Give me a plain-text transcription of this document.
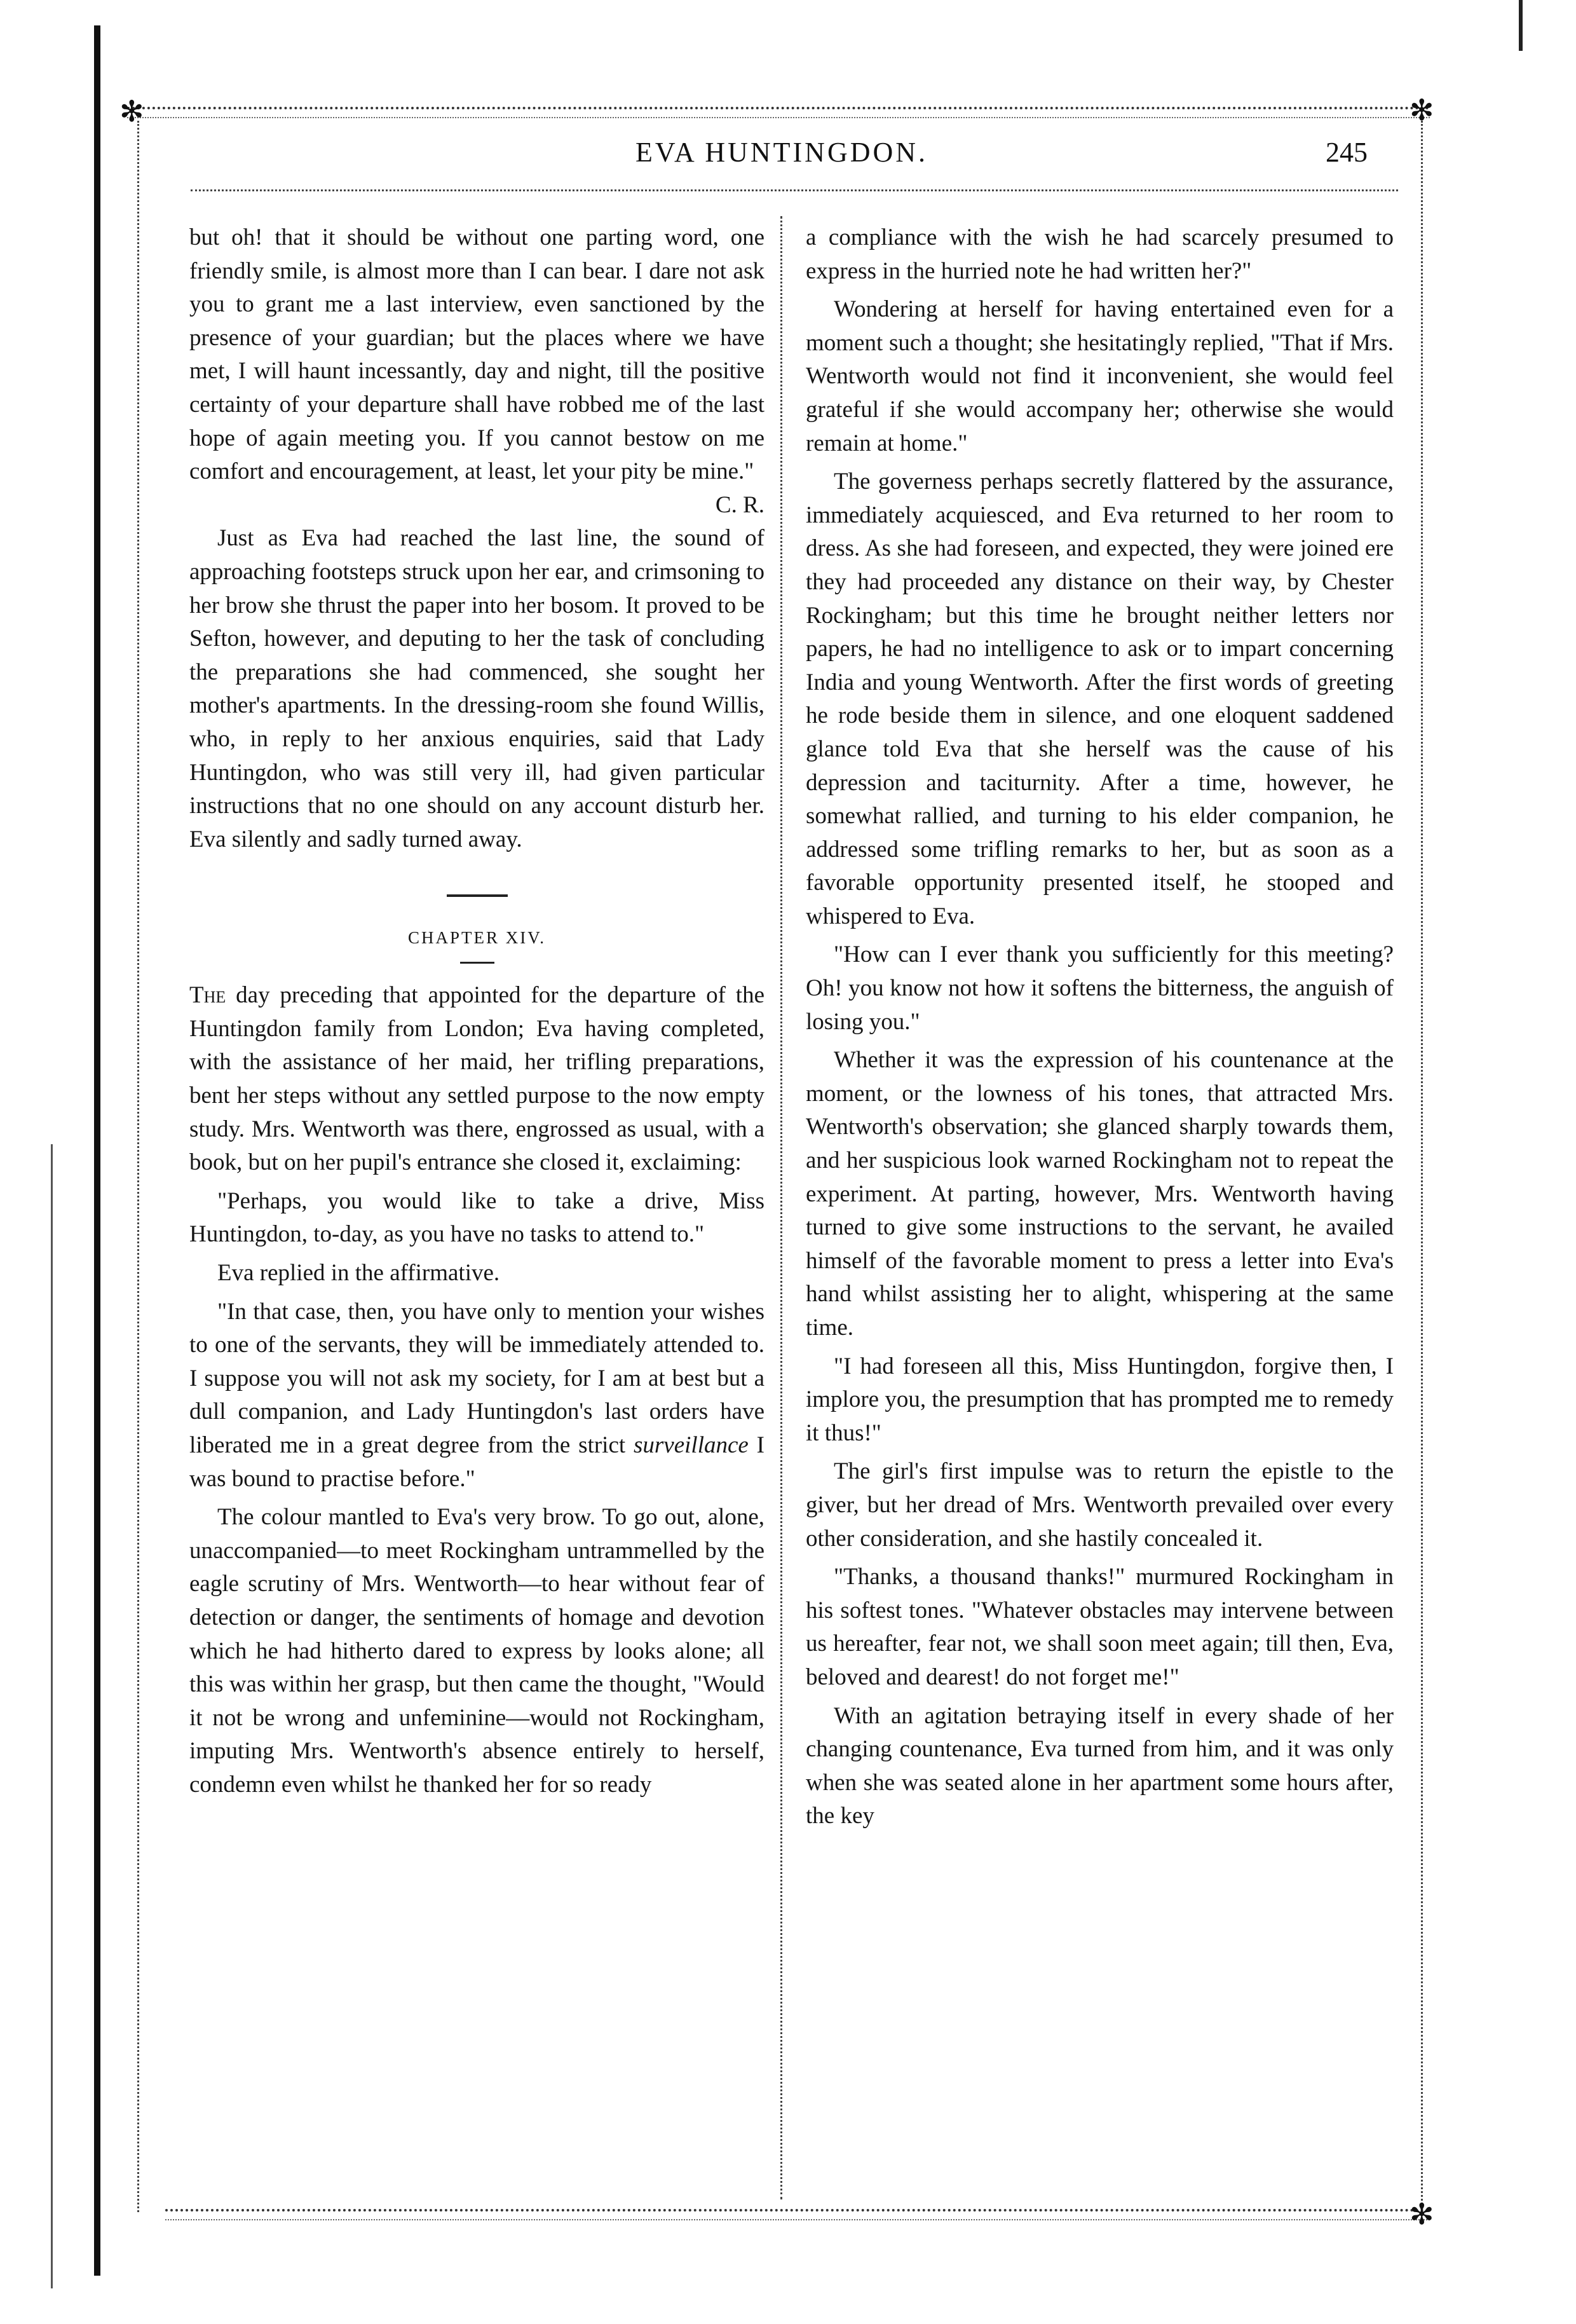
✻	✻
✻
EVA HUNTINGDON.	245

but oh! that it should be without one parting word, one friendly smile, is almost more than I can bear. I dare not ask you to grant me a last interview, even sanctioned by the presence of your guardian; but the places where we have met, I will haunt incessantly, day and night, till the positive certainty of your departure shall have robbed me of the last hope of again meeting you. If you cannot bestow on me comfort and encouragement, at least, let your pity be mine."

C. R.

Just as Eva had reached the last line, the sound of approaching footsteps struck upon her ear, and crimsoning to her brow she thrust the paper into her bosom. It proved to be Sefton, however, and deputing to her the task of concluding the preparations she had commenced, she sought her mother's apartments. In the dressing-room she found Willis, who, in reply to her anxious enquiries, said that Lady Huntingdon, who was still very ill, had given particular instructions that no one should on any account disturb her. Eva silently and sadly turned away.

CHAPTER XIV.

The day preceding that appointed for the departure of the Huntingdon family from London; Eva having completed, with the assistance of her maid, her trifling preparations, bent her steps without any settled purpose to the now empty study. Mrs. Wentworth was there, engrossed as usual, with a book, but on her pupil's entrance she closed it, exclaiming:

"Perhaps, you would like to take a drive, Miss Huntingdon, to-day, as you have no tasks to attend to."

Eva replied in the affirmative.

"In that case, then, you have only to mention your wishes to one of the servants, they will be immediately attended to. I suppose you will not ask my society, for I am at best but a dull companion, and Lady Huntingdon's last orders have liberated me in a great degree from the strict surveillance I was bound to practise before."

The colour mantled to Eva's very brow. To go out, alone, unaccompanied—to meet Rockingham untrammelled by the eagle scrutiny of Mrs. Wentworth—to hear without fear of detection or danger, the sentiments of homage and devotion which he had hitherto dared to express by looks alone; all this was within her grasp, but then came the thought, "Would it not be wrong and unfeminine—would not Rockingham, imputing Mrs. Wentworth's absence entirely to herself, condemn even whilst he thanked her for so ready

a compliance with the wish he had scarcely presumed to express in the hurried note he had written her?"

Wondering at herself for having entertained even for a moment such a thought; she hesitatingly replied, "That if Mrs. Wentworth would not find it inconvenient, she would feel grateful if she would accompany her; otherwise she would remain at home."

The governess perhaps secretly flattered by the assurance, immediately acquiesced, and Eva returned to her room to dress. As she had foreseen, and expected, they were joined ere they had proceeded any distance on their way, by Chester Rockingham; but this time he brought neither letters nor papers, he had no intelligence to ask or to impart concerning India and young Wentworth. After the first words of greeting he rode beside them in silence, and one eloquent saddened glance told Eva that she herself was the cause of his depression and taciturnity. After a time, however, he somewhat rallied, and turning to his elder companion, he addressed some trifling remarks to her, but as soon as a favorable opportunity presented itself, he stooped and whispered to Eva.

"How can I ever thank you sufficiently for this meeting? Oh! you know not how it softens the bitterness, the anguish of losing you."

Whether it was the expression of his countenance at the moment, or the lowness of his tones, that attracted Mrs. Wentworth's observation; she glanced sharply towards them, and her suspicious look warned Rockingham not to repeat the experiment. At parting, however, Mrs. Wentworth having turned to give some instructions to the servant, he availed himself of the favorable moment to press a letter into Eva's hand whilst assisting her to alight, whispering at the same time.

"I had foreseen all this, Miss Huntingdon, forgive then, I implore you, the presumption that has prompted me to remedy it thus!"

The girl's first impulse was to return the epistle to the giver, but her dread of Mrs. Wentworth prevailed over every other consideration, and she hastily concealed it.

"Thanks, a thousand thanks!" murmured Rockingham in his softest tones. "Whatever obstacles may intervene between us hereafter, fear not, we shall soon meet again; till then, Eva, beloved and dearest! do not forget me!"

With an agitation betraying itself in every shade of her changing countenance, Eva turned from him, and it was only when she was seated alone in her apartment some hours after, the key
